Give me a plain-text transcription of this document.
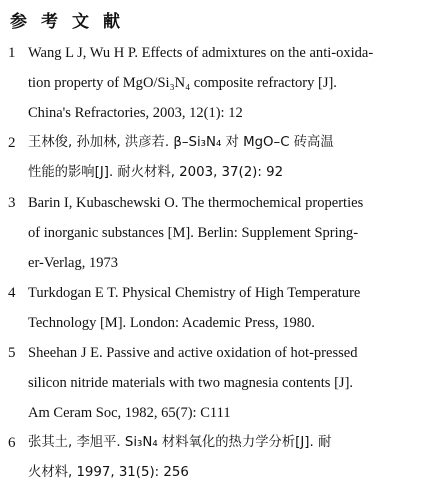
参考文献
1 Wang L J, Wu H P. Effects of admixtures on the anti-oxida-
tion property of MgO/Si₃N₄ composite refractory [J].
China's Refractories, 2003, 12(1): 12
2 王林俊, 孙加林, 洪彦若. β–Si₃N₄ 对 MgO–C 砖高温
性能的影响[J]. 耐火材料, 2003, 37(2): 92
3 Barin I, Kubaschewski O. The thermochemical properties
of inorganic substances [M]. Berlin: Supplement Spring-
er-Verlag, 1973
4 Turkdogan E T. Physical Chemistry of High Temperature
Technology [M]. London: Academic Press, 1980.
5 Sheehan J E. Passive and active oxidation of hot-pressed
silicon nitride materials with two magnesia contents [J].
Am Ceram Soc, 1982, 65(7): C111
6 张其土, 李旭平. Si₃N₄ 材料氧化的热力学分析[J]. 耐
火材料, 1997, 31(5): 256
